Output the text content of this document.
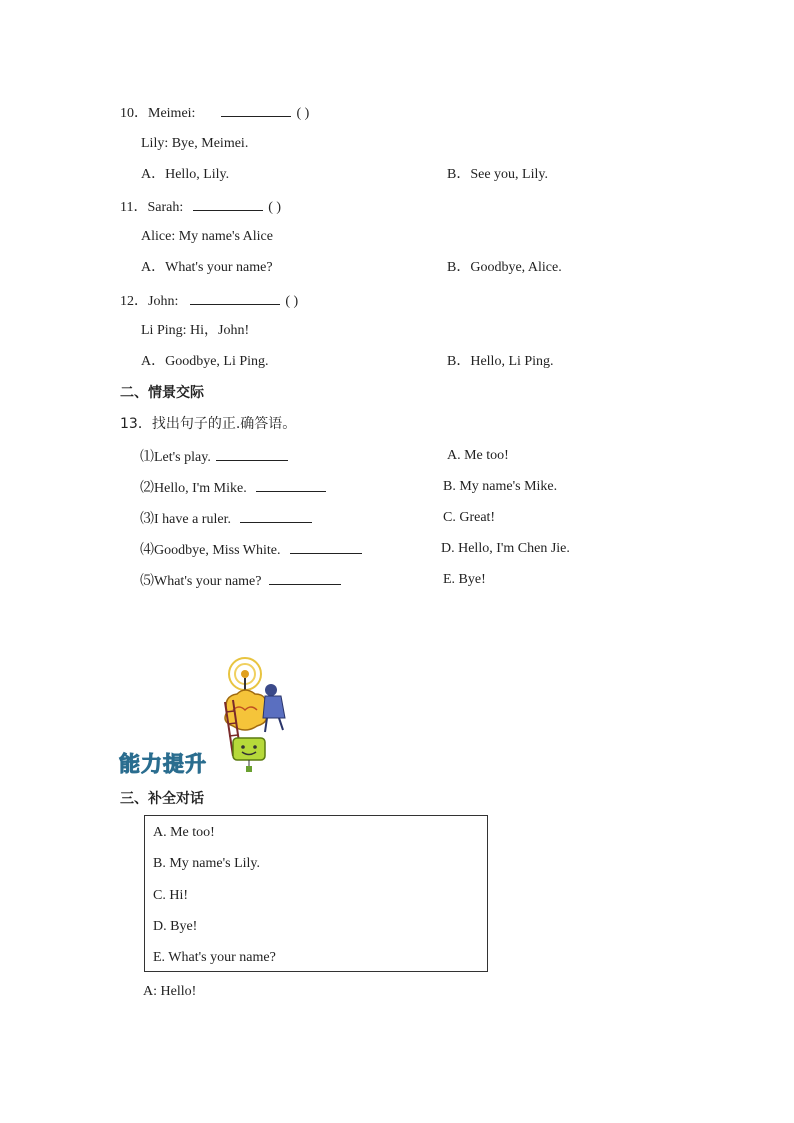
10．Meimei:	( )
Lily: Bye, Meimei.
A．Hello, Lily.	B．See you, Lily.
11．Sarah:	( )
Alice: My name's Alice
A．What's your name?	B．Goodbye, Alice.
12．John:	( )
Li Ping: Hi，John!
A．Goodbye, Li Ping.	B．Hello, Li Ping.
二、情景交际
13．找出句子的正.确答语。
⑴Let's play.	A. Me too!
⑵Hello, I'm Mike.	B. My name's Mike.
⑶I have a ruler.	C. Great!
⑷Goodbye, Miss White.	D. Hello, I'm Chen Jie.
⑸What's your name?	E. Bye!
能力提升
三、补全对话
A. Me too!
B. My name's Lily.
C. Hi!
D. Bye!
E. What's your name?
A: Hello!
